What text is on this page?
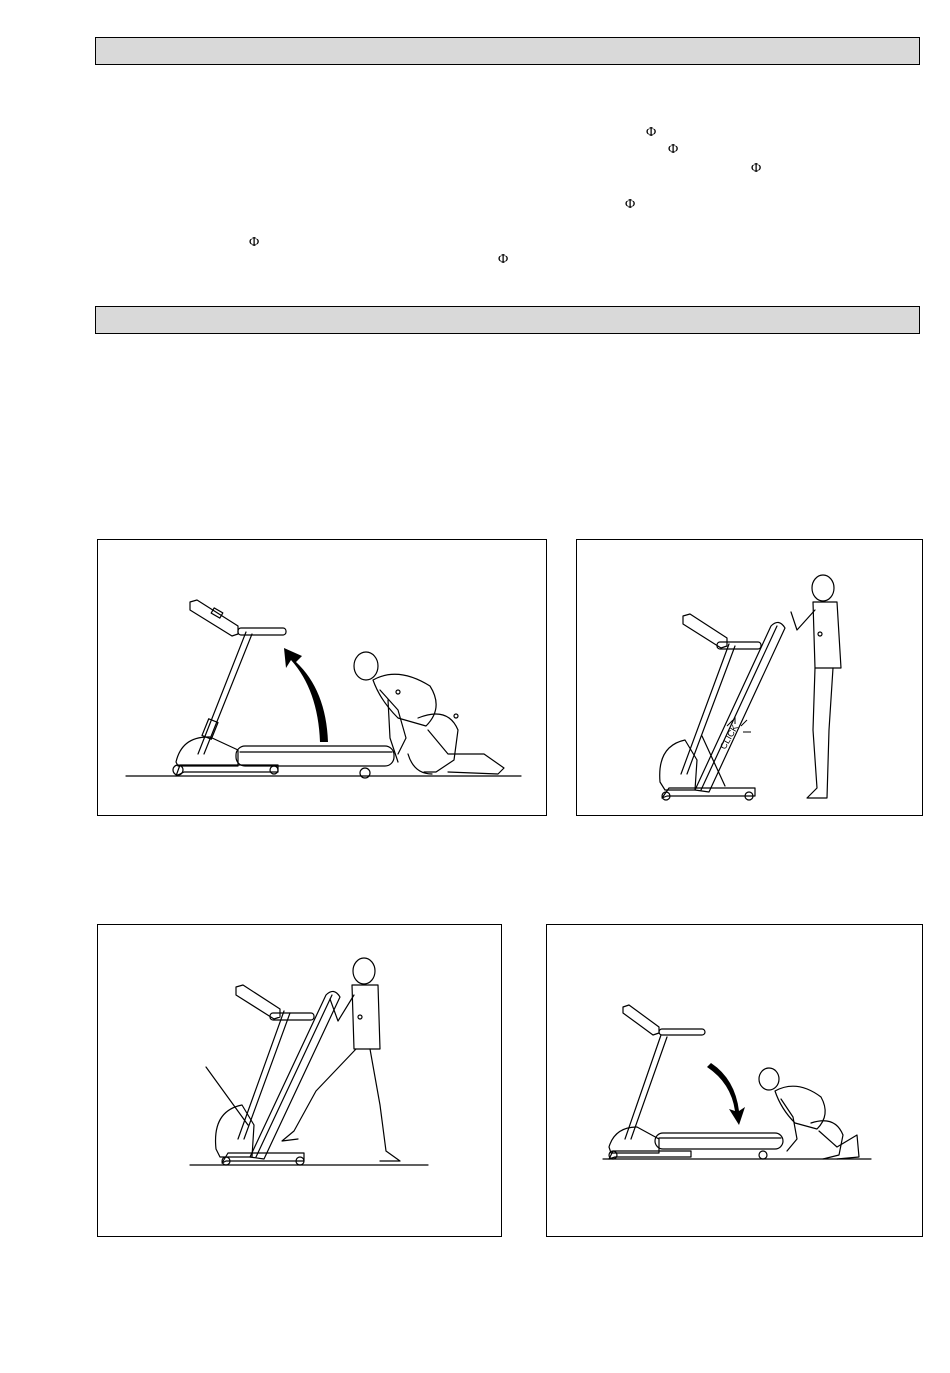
Φ
Φ
Φ
Φ
Φ
Φ
CLICK
